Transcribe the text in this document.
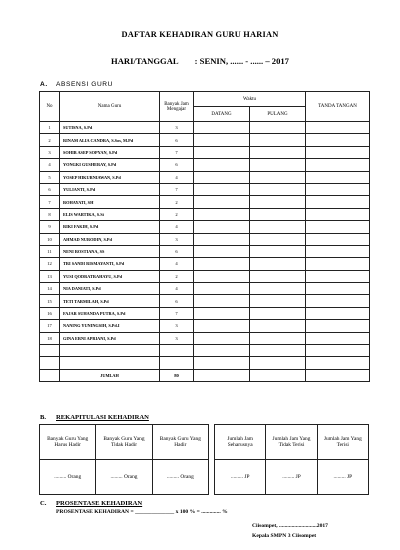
DAFTAR KEHADIRAN GURU HARIAN
HARI/TANGGAL : SENIN, ...... - ...... – 2017
A. ABSENSI GURU
No	Nama Guru	Banyak Jam Mengajar	Waktu		TANDA TANGAN
			DATANG	PULANG	
1	SUTISNA, S.Pd	3			
2	RINAM ALIA CANDRA, S.Sos, M.Pd	6			
3	SOHIB ASEP SOPYAN, S.Pd	7			
4	YONGKI GUSHERAY, S.Pd	6			
5	YOSEP HIKURNIAWAN, S.Pd	4			
6	YULIANTI, S.Pd	7			
7	ROHAYATI, SH	2			
8	ELIS WARTIKA, S.Si	2			
9	RIKI FAKIH, S.Pd	4			
10	AHMAD NURODIN, S.Pd	3			
11	NENI ROSTIANA, SS	6			
12	TRI SANDI RISMAYANTI, S.Pd	4			
13	YUSI QODRATRAHAYU, S.Pd	2			
14	NIA DANIATI, S.Pd	4			
15	TETI TARMILAH, S.Pd	6			
16	FAJAR SUHANDA PUTRA, S.Pd	7			
17	NANING YUNINGSIH, S.Pd.I	3			
18	GINA ERNI APRIANI, S.Pd	3			

	JUMLAH	80			
B. REKAPITULASI KEHADIRAN
Banyak Guru Yang Harus Hadir	Banyak Guru Yang Tidak Hadir	Banyak Guru Yang Hadir
......... Orang	......... Orang	......... Orang
Jumlah Jam Seharusnya	Jumlah Jam Yang Tidak Terisi	Jumlah Jam Yang Terisi
......... JP	......... JP	......... JP
C. PROSENTASE KEHADIRAN
PROSENTASE KEHADIRAN = ______________ x 100 % = .............. %
Ciisompet, ...........................2017
Kepala SMPN 3 Ciisompet
